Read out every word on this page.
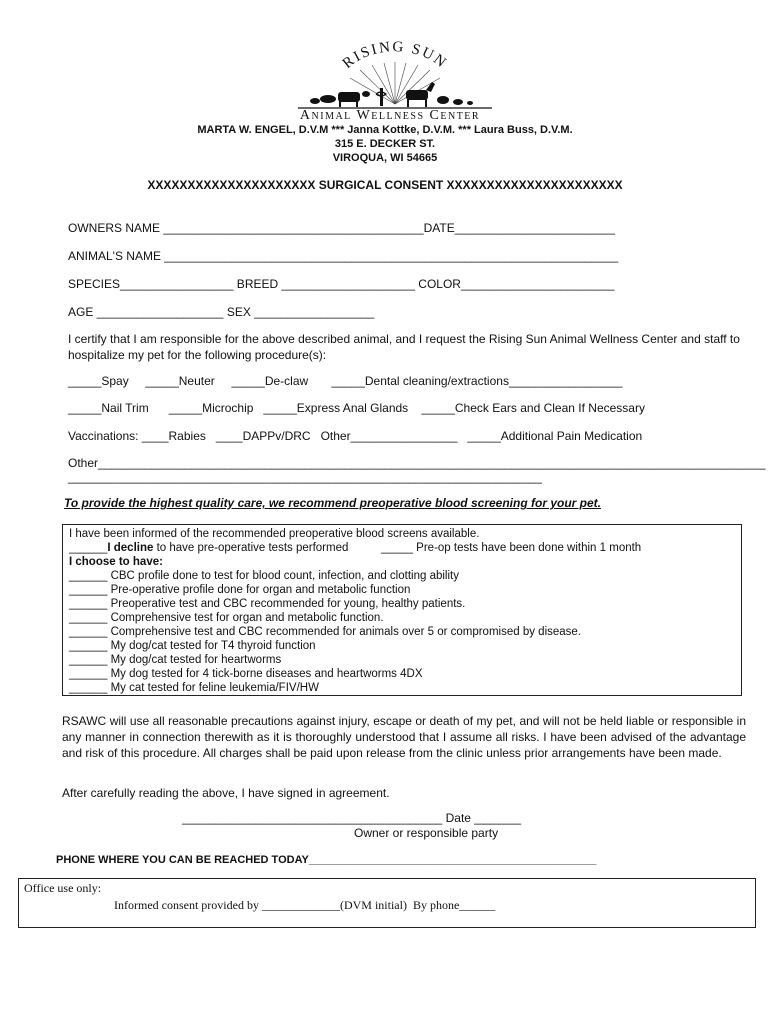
RISING SUN
Animal Wellness Center
MARTA W. ENGEL, D.V.M *** Janna Kottke, D.V.M. *** Laura Buss, D.V.M.
315 E. DECKER ST.
VIROQUA, WI 54665
XXXXXXXXXXXXXXXXXXXXX SURGICAL CONSENT XXXXXXXXXXXXXXXXXXXXXX
OWNERS NAME _______________________________________DATE________________________
ANIMAL'S NAME ____________________________________________________________________
SPECIES_________________ BREED ____________________ COLOR_______________________
AGE ___________________ SEX __________________
I certify that I am responsible for the above described animal, and I request the Rising Sun Animal Wellness Center and staff to hospitalize my pet for the following procedure(s):
_____Spay     _____Neuter     _____De-claw       _____Dental cleaning/extractions_________________
_____Nail Trim      _____Microchip   _____Express Anal Glands    _____Check Ears and Clean If Necessary
Vaccinations: ____Rabies   ____DAPPv/DRC   Other________________   _____Additional Pain Medication
Other____________________________________________________________________________________________________
_______________________________________________________________________
To provide the highest quality care, we recommend preoperative blood screening for your pet.
I have been informed of the recommended preoperative blood screens available.
______I decline to have pre-operative tests performed	_____ Pre-op tests have been done within 1 month
I choose to have:
______ CBC profile done to test for blood count, infection, and clotting ability
______ Pre-operative profile done for organ and metabolic function
______ Preoperative test and CBC recommended for young, healthy patients.
______ Comprehensive test for organ and metabolic function.
______ Comprehensive test and CBC recommended for animals over 5 or compromised by disease.
______ My dog/cat tested for T4 thyroid function
______ My dog/cat tested for heartworms
______ My dog tested for 4 tick-borne diseases and heartworms 4DX
______ My cat tested for feline leukemia/FIV/HW
RSAWC will use all reasonable precautions against injury, escape or death of my pet, and will not be held liable or responsible in any manner in connection therewith as it is thoroughly understood that I assume all risks. I have been advised of the advantage and risk of this procedure. All charges shall be paid upon release from the clinic unless prior arrangements have been made.
After carefully reading the above, I have signed in agreement.
_______________________________________ Date _______
Owner or responsible party
PHONE WHERE YOU CAN BE REACHED TODAY_______________________________________________
Office use only:
Informed consent provided by _____________(DVM initial)  By phone______
